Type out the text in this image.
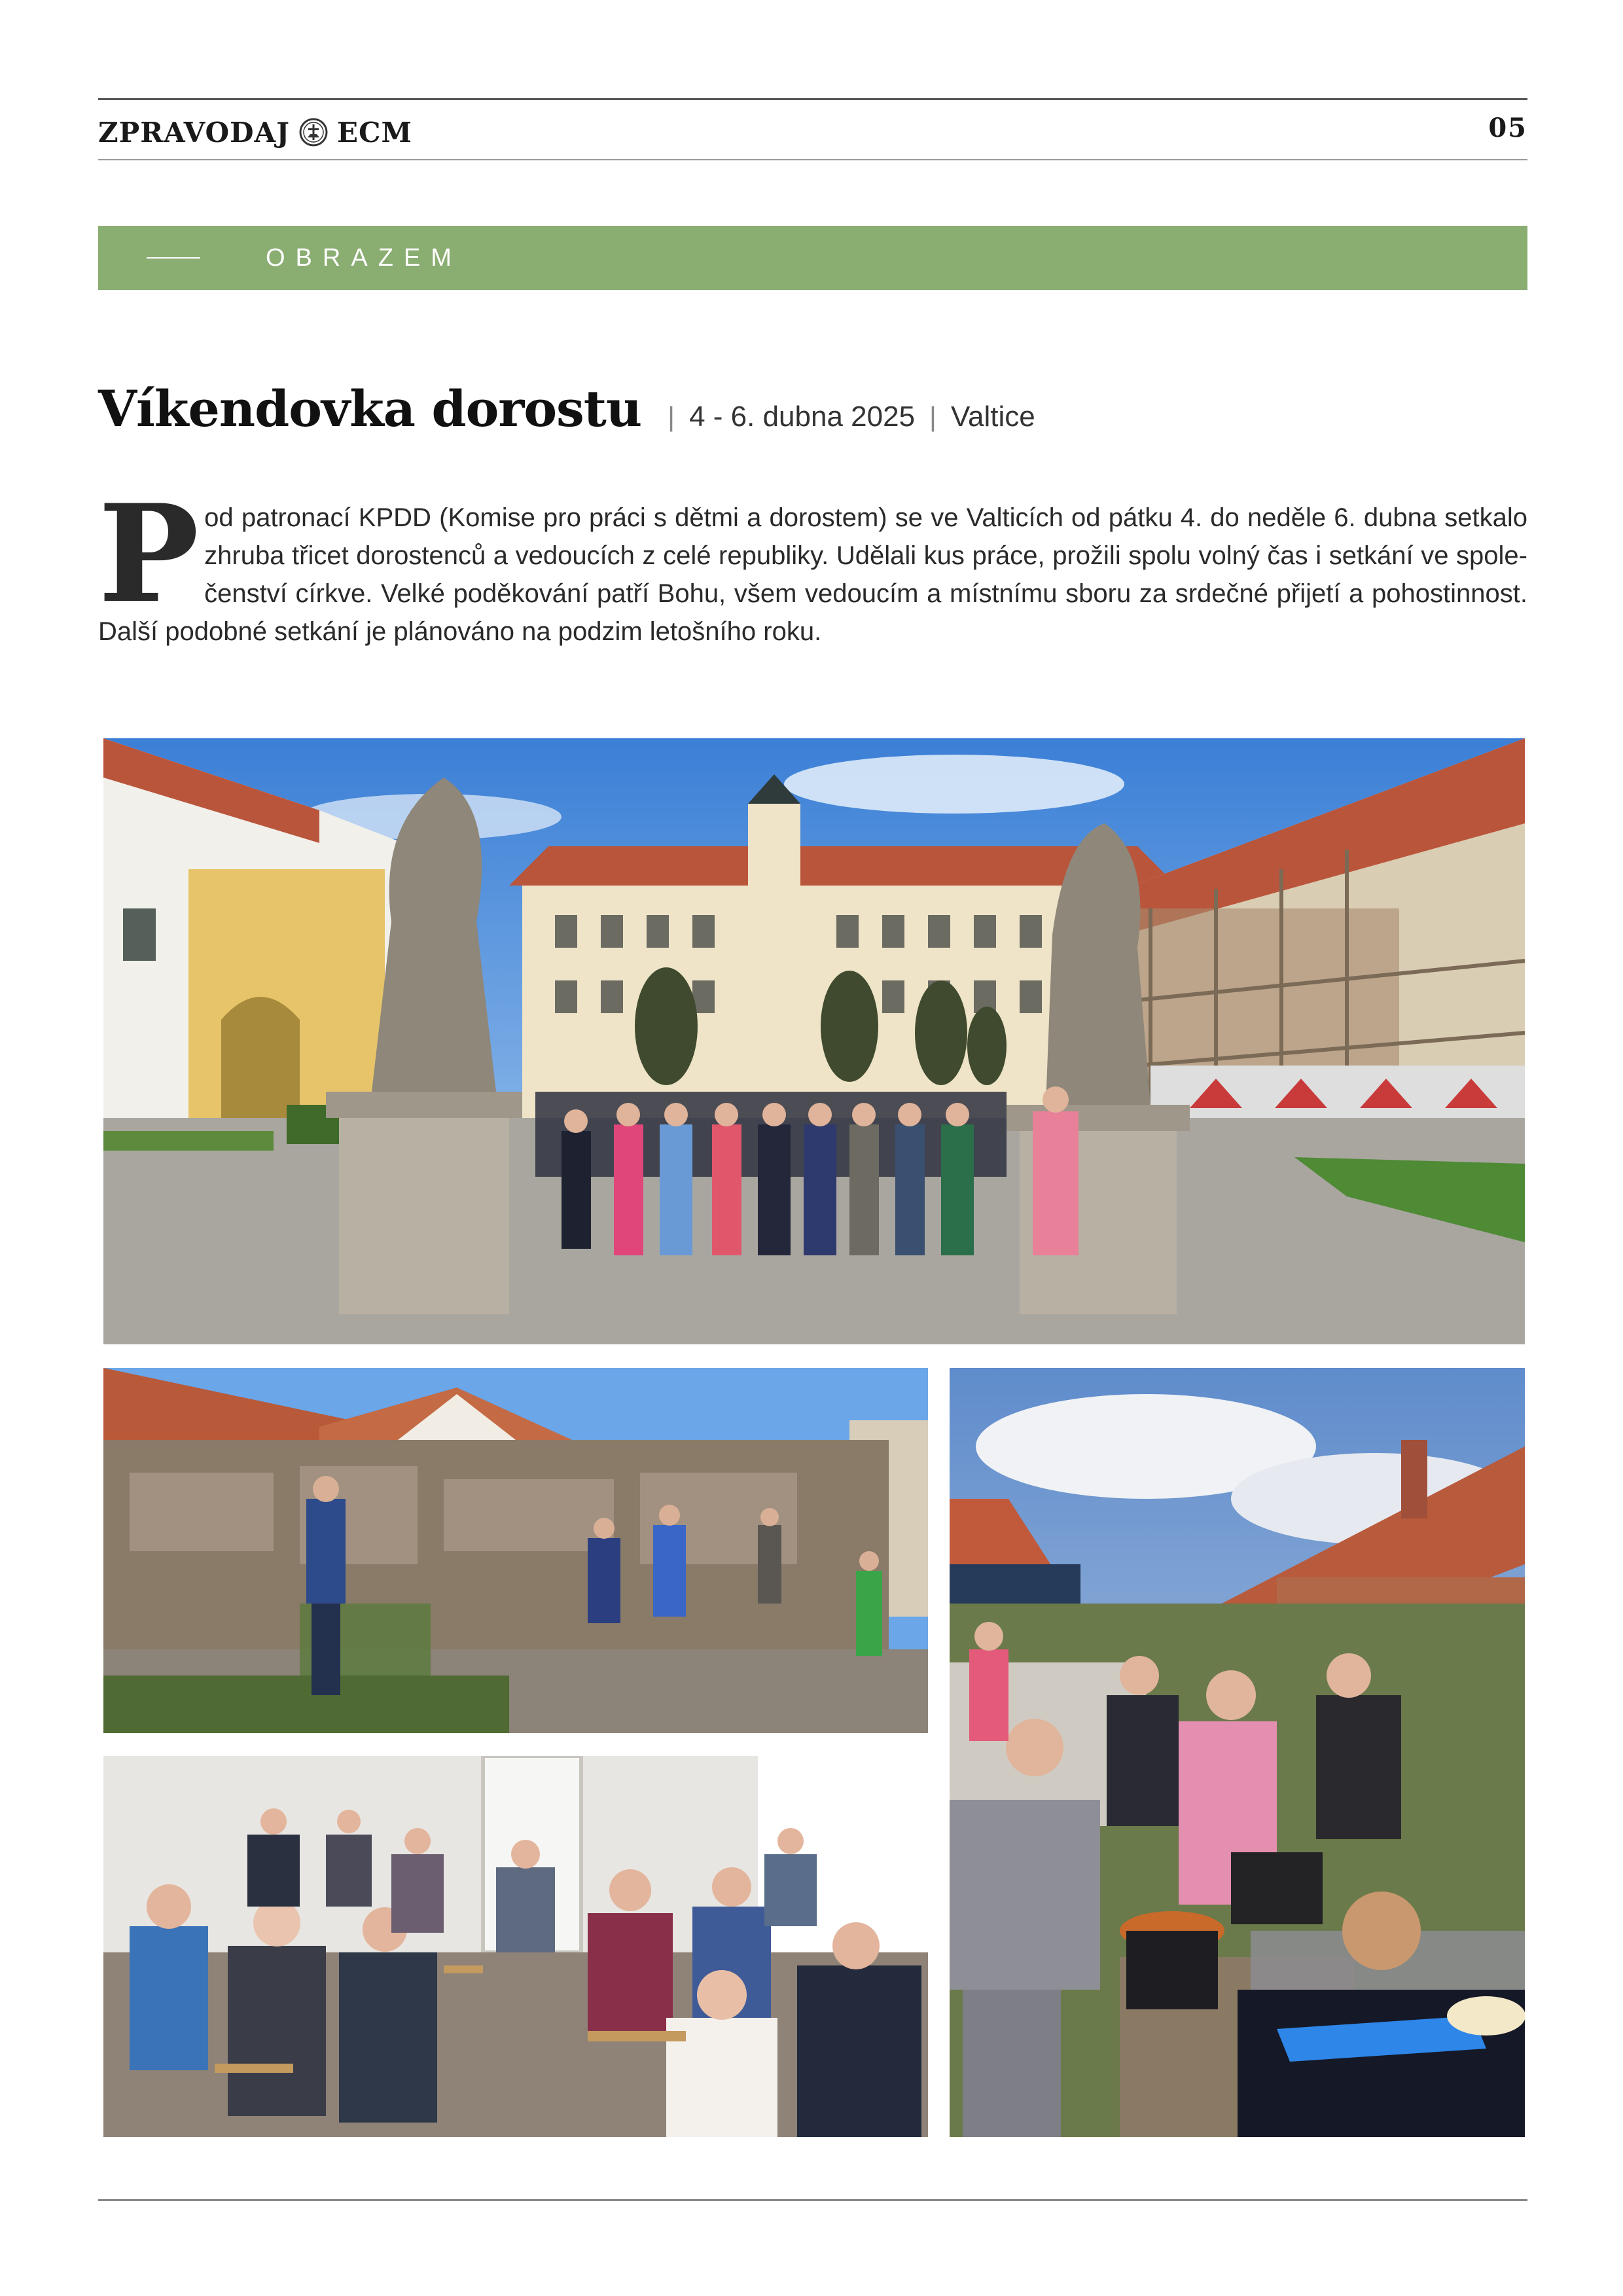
ZPRAVODAJ ECM	05
OBRAZEM
Víkendovka dorostu | 4 - 6. dubna 2025 | Valtice
P od patronací KPDD (Komise pro práci s dětmi a dorostem) se ve Valticích od pátku 4. do neděle 6. dubna setkalo zhruba třicet dorostenců a vedoucích z celé republiky. Udělali kus práce, prožili spolu volný čas i setkání ve spole-čenství církve. Velké poděkování patří Bohu, všem vedoucím a místnímu sboru za srdečné přijetí a pohostinnost. Další podobné setkání je plánováno na podzim letošního roku.
